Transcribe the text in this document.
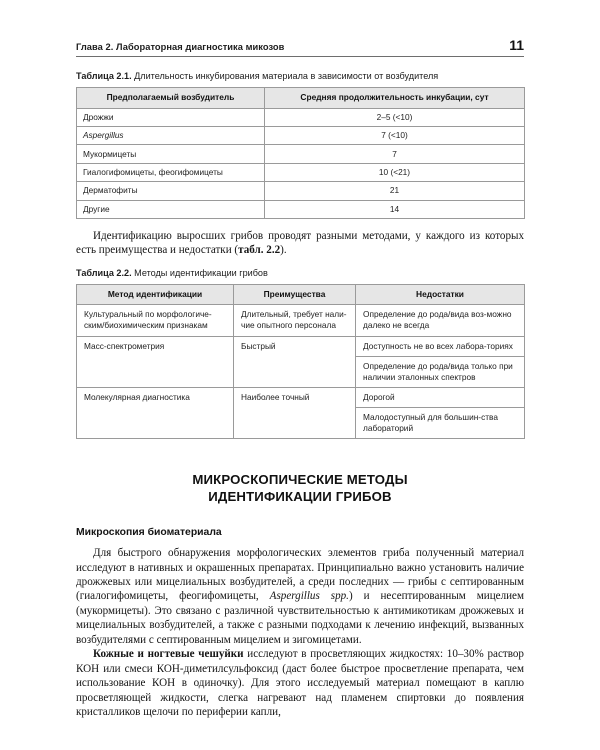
Глава 2. Лабораторная диагностика микозов	11
Таблица 2.1. Длительность инкубирования материала в зависимости от возбудителя
Предполагаемый возбудитель	Средняя продолжительность инкубации, сут
Дрожжи	2–5 (<10)
Aspergillus	7 (<10)
Мукормицеты	7
Гиалогифомицеты, феогифомицеты	10 (<21)
Дерматофиты	21
Другие	14

Идентификацию выросших грибов проводят разными методами, у каждого из которых есть преимущества и недостатки (табл. 2.2).

Таблица 2.2. Методы идентификации грибов
Метод идентификации	Преимущества	Недостатки
Культуральный по морфологиче-ским/биохимическим признакам	Длительный, требует нали-чие опытного персонала	Определение до рода/вида воз-можно далеко не всегда
Масс-спектрометрия	Быстрый	Доступность не во всех лабора-ториях
		Определение до рода/вида только при наличии эталонных спектров
Молекулярная диагностика	Наиболее точный	Дорогой
		Малодоступный для большин-ства лабораторий
МИКРОСКОПИЧЕСКИЕ МЕТОДЫ
ИДЕНТИФИКАЦИИ ГРИБОВ
Микроскопия биоматериала

Для быстрого обнаружения морфологических элементов гриба полученный материал исследуют в нативных и окрашенных препаратах. Принципиально важно установить наличие дрожжевых или мицелиальных возбудителей, а среди последних — грибы с септированным (гиалогифомицеты, феогифомицеты, Aspergillus spp.) и несептированным мицелием (мукормицеты). Это связано с различной чувствительностью к антимикотикам дрожжевых и мицелиальных возбудителей, а также с разными подходами к лечению инфекций, вызванных возбудителями с септированным мицелием и зигомицетами.

Кожные и ногтевые чешуйки исследуют в просветляющих жидкостях: 10–30% раствор КОН или смеси КОН-диметилсульфоксид (даст более быстрое просветление препарата, чем использование КОН в одиночку). Для этого исследуемый материал помещают в каплю просветляющей жидкости, слегка нагревают над пламенем спиртовки до появления кристалликов щелочи по периферии капли,
